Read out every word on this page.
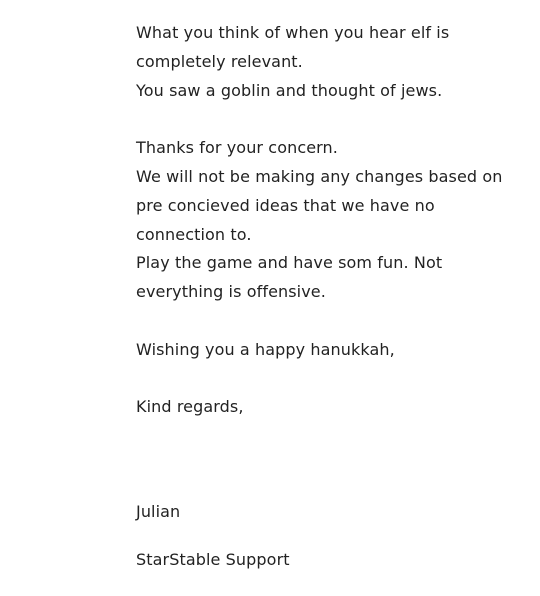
What you think of when you hear elf is
completely relevant.
You saw a goblin and thought of jews.
Thanks for your concern.
We will not be making any changes based on
pre concieved ideas that we have no
connection to.
Play the game and have som fun. Not
everything is offensive.
Wishing you a happy hanukkah,
Kind regards,
Julian
StarStable Support
